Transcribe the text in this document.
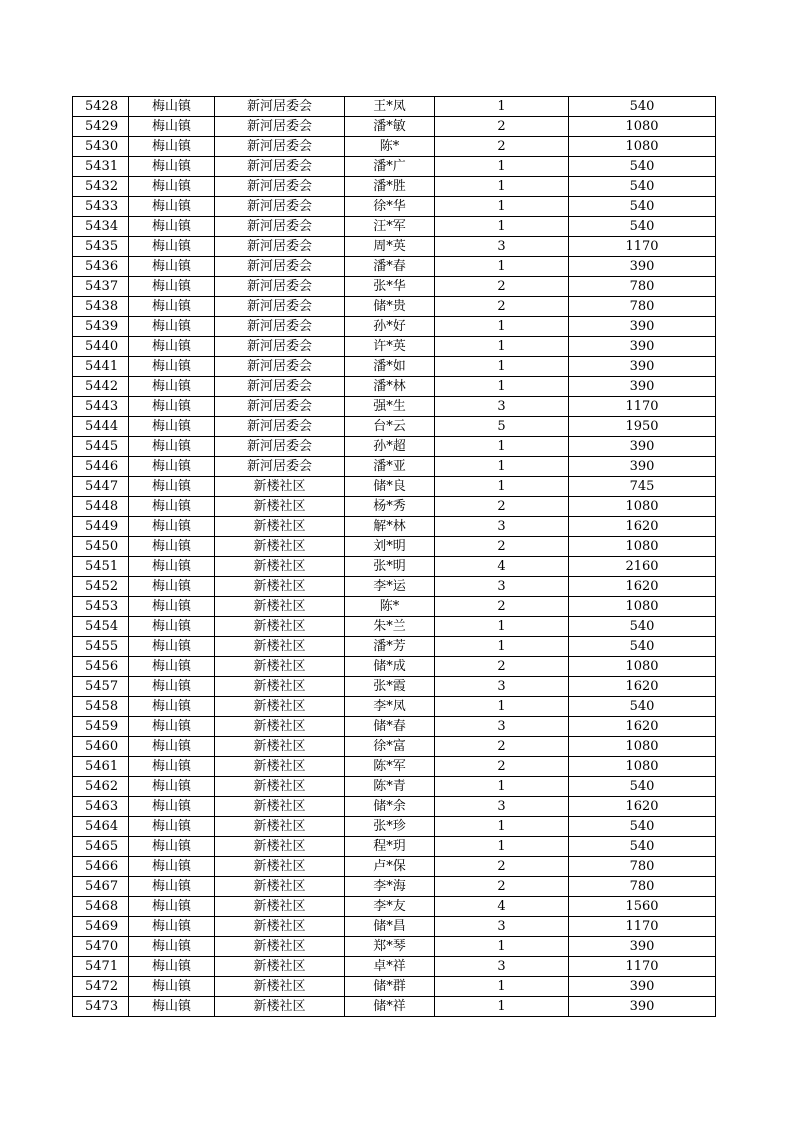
5428	梅山镇	新河居委会	王*凤	1	540
5429	梅山镇	新河居委会	潘*敏	2	1080
5430	梅山镇	新河居委会	陈*	2	1080
5431	梅山镇	新河居委会	潘*广	1	540
5432	梅山镇	新河居委会	潘*胜	1	540
5433	梅山镇	新河居委会	徐*华	1	540
5434	梅山镇	新河居委会	汪*军	1	540
5435	梅山镇	新河居委会	周*英	3	1170
5436	梅山镇	新河居委会	潘*春	1	390
5437	梅山镇	新河居委会	张*华	2	780
5438	梅山镇	新河居委会	储*贵	2	780
5439	梅山镇	新河居委会	孙*好	1	390
5440	梅山镇	新河居委会	许*英	1	390
5441	梅山镇	新河居委会	潘*如	1	390
5442	梅山镇	新河居委会	潘*林	1	390
5443	梅山镇	新河居委会	强*生	3	1170
5444	梅山镇	新河居委会	台*云	5	1950
5445	梅山镇	新河居委会	孙*超	1	390
5446	梅山镇	新河居委会	潘*亚	1	390
5447	梅山镇	新楼社区	储*良	1	745
5448	梅山镇	新楼社区	杨*秀	2	1080
5449	梅山镇	新楼社区	解*林	3	1620
5450	梅山镇	新楼社区	刘*明	2	1080
5451	梅山镇	新楼社区	张*明	4	2160
5452	梅山镇	新楼社区	李*运	3	1620
5453	梅山镇	新楼社区	陈*	2	1080
5454	梅山镇	新楼社区	朱*兰	1	540
5455	梅山镇	新楼社区	潘*芳	1	540
5456	梅山镇	新楼社区	储*成	2	1080
5457	梅山镇	新楼社区	张*霞	3	1620
5458	梅山镇	新楼社区	李*凤	1	540
5459	梅山镇	新楼社区	储*春	3	1620
5460	梅山镇	新楼社区	徐*富	2	1080
5461	梅山镇	新楼社区	陈*军	2	1080
5462	梅山镇	新楼社区	陈*青	1	540
5463	梅山镇	新楼社区	储*余	3	1620
5464	梅山镇	新楼社区	张*珍	1	540
5465	梅山镇	新楼社区	程*玥	1	540
5466	梅山镇	新楼社区	卢*保	2	780
5467	梅山镇	新楼社区	李*海	2	780
5468	梅山镇	新楼社区	李*友	4	1560
5469	梅山镇	新楼社区	储*昌	3	1170
5470	梅山镇	新楼社区	郑*琴	1	390
5471	梅山镇	新楼社区	卓*祥	3	1170
5472	梅山镇	新楼社区	储*群	1	390
5473	梅山镇	新楼社区	储*祥	1	390
